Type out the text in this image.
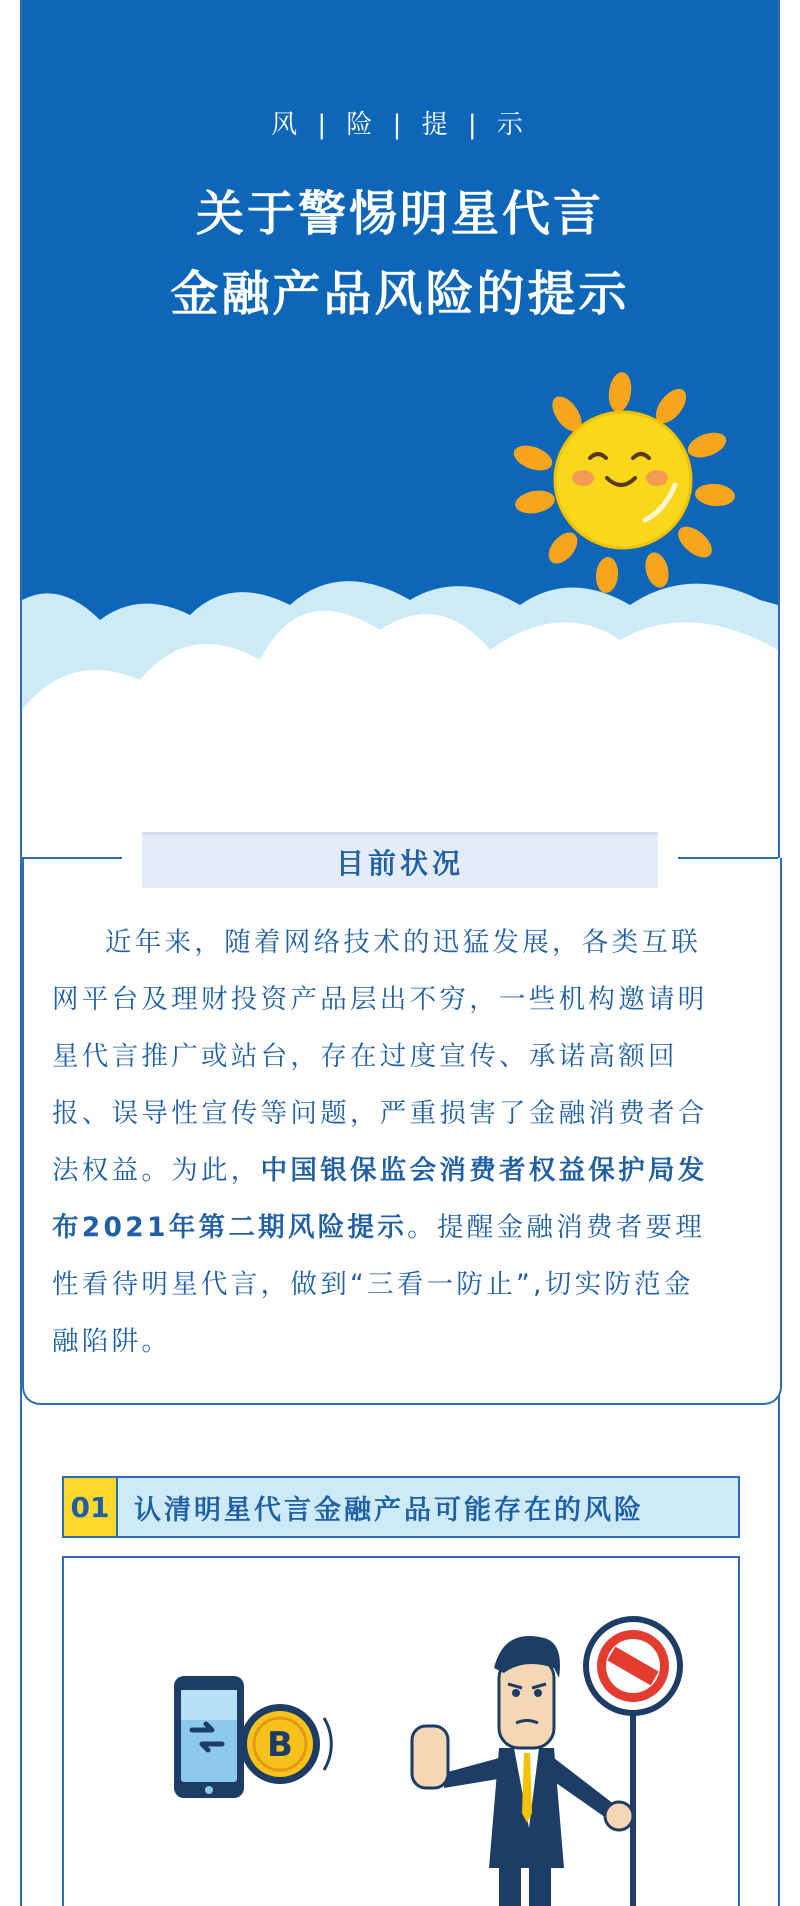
风 | 险 | 提 | 示
关于警惕明星代言
金融产品风险的提示
目前状况
近年来，随着网络技术的迅猛发展，各类互联
网平台及理财投资产品层出不穷，一些机构邀请明
星代言推广或站台，存在过度宣传、承诺高额回
报、误导性宣传等问题，严重损害了金融消费者合
法权益。为此，中国银保监会消费者权益保护局发
布2021年第二期风险提示。提醒金融消费者要理
性看待明星代言，做到“三看一防止”,切实防范金
融陷阱。
01 认清明星代言金融产品可能存在的风险
B
